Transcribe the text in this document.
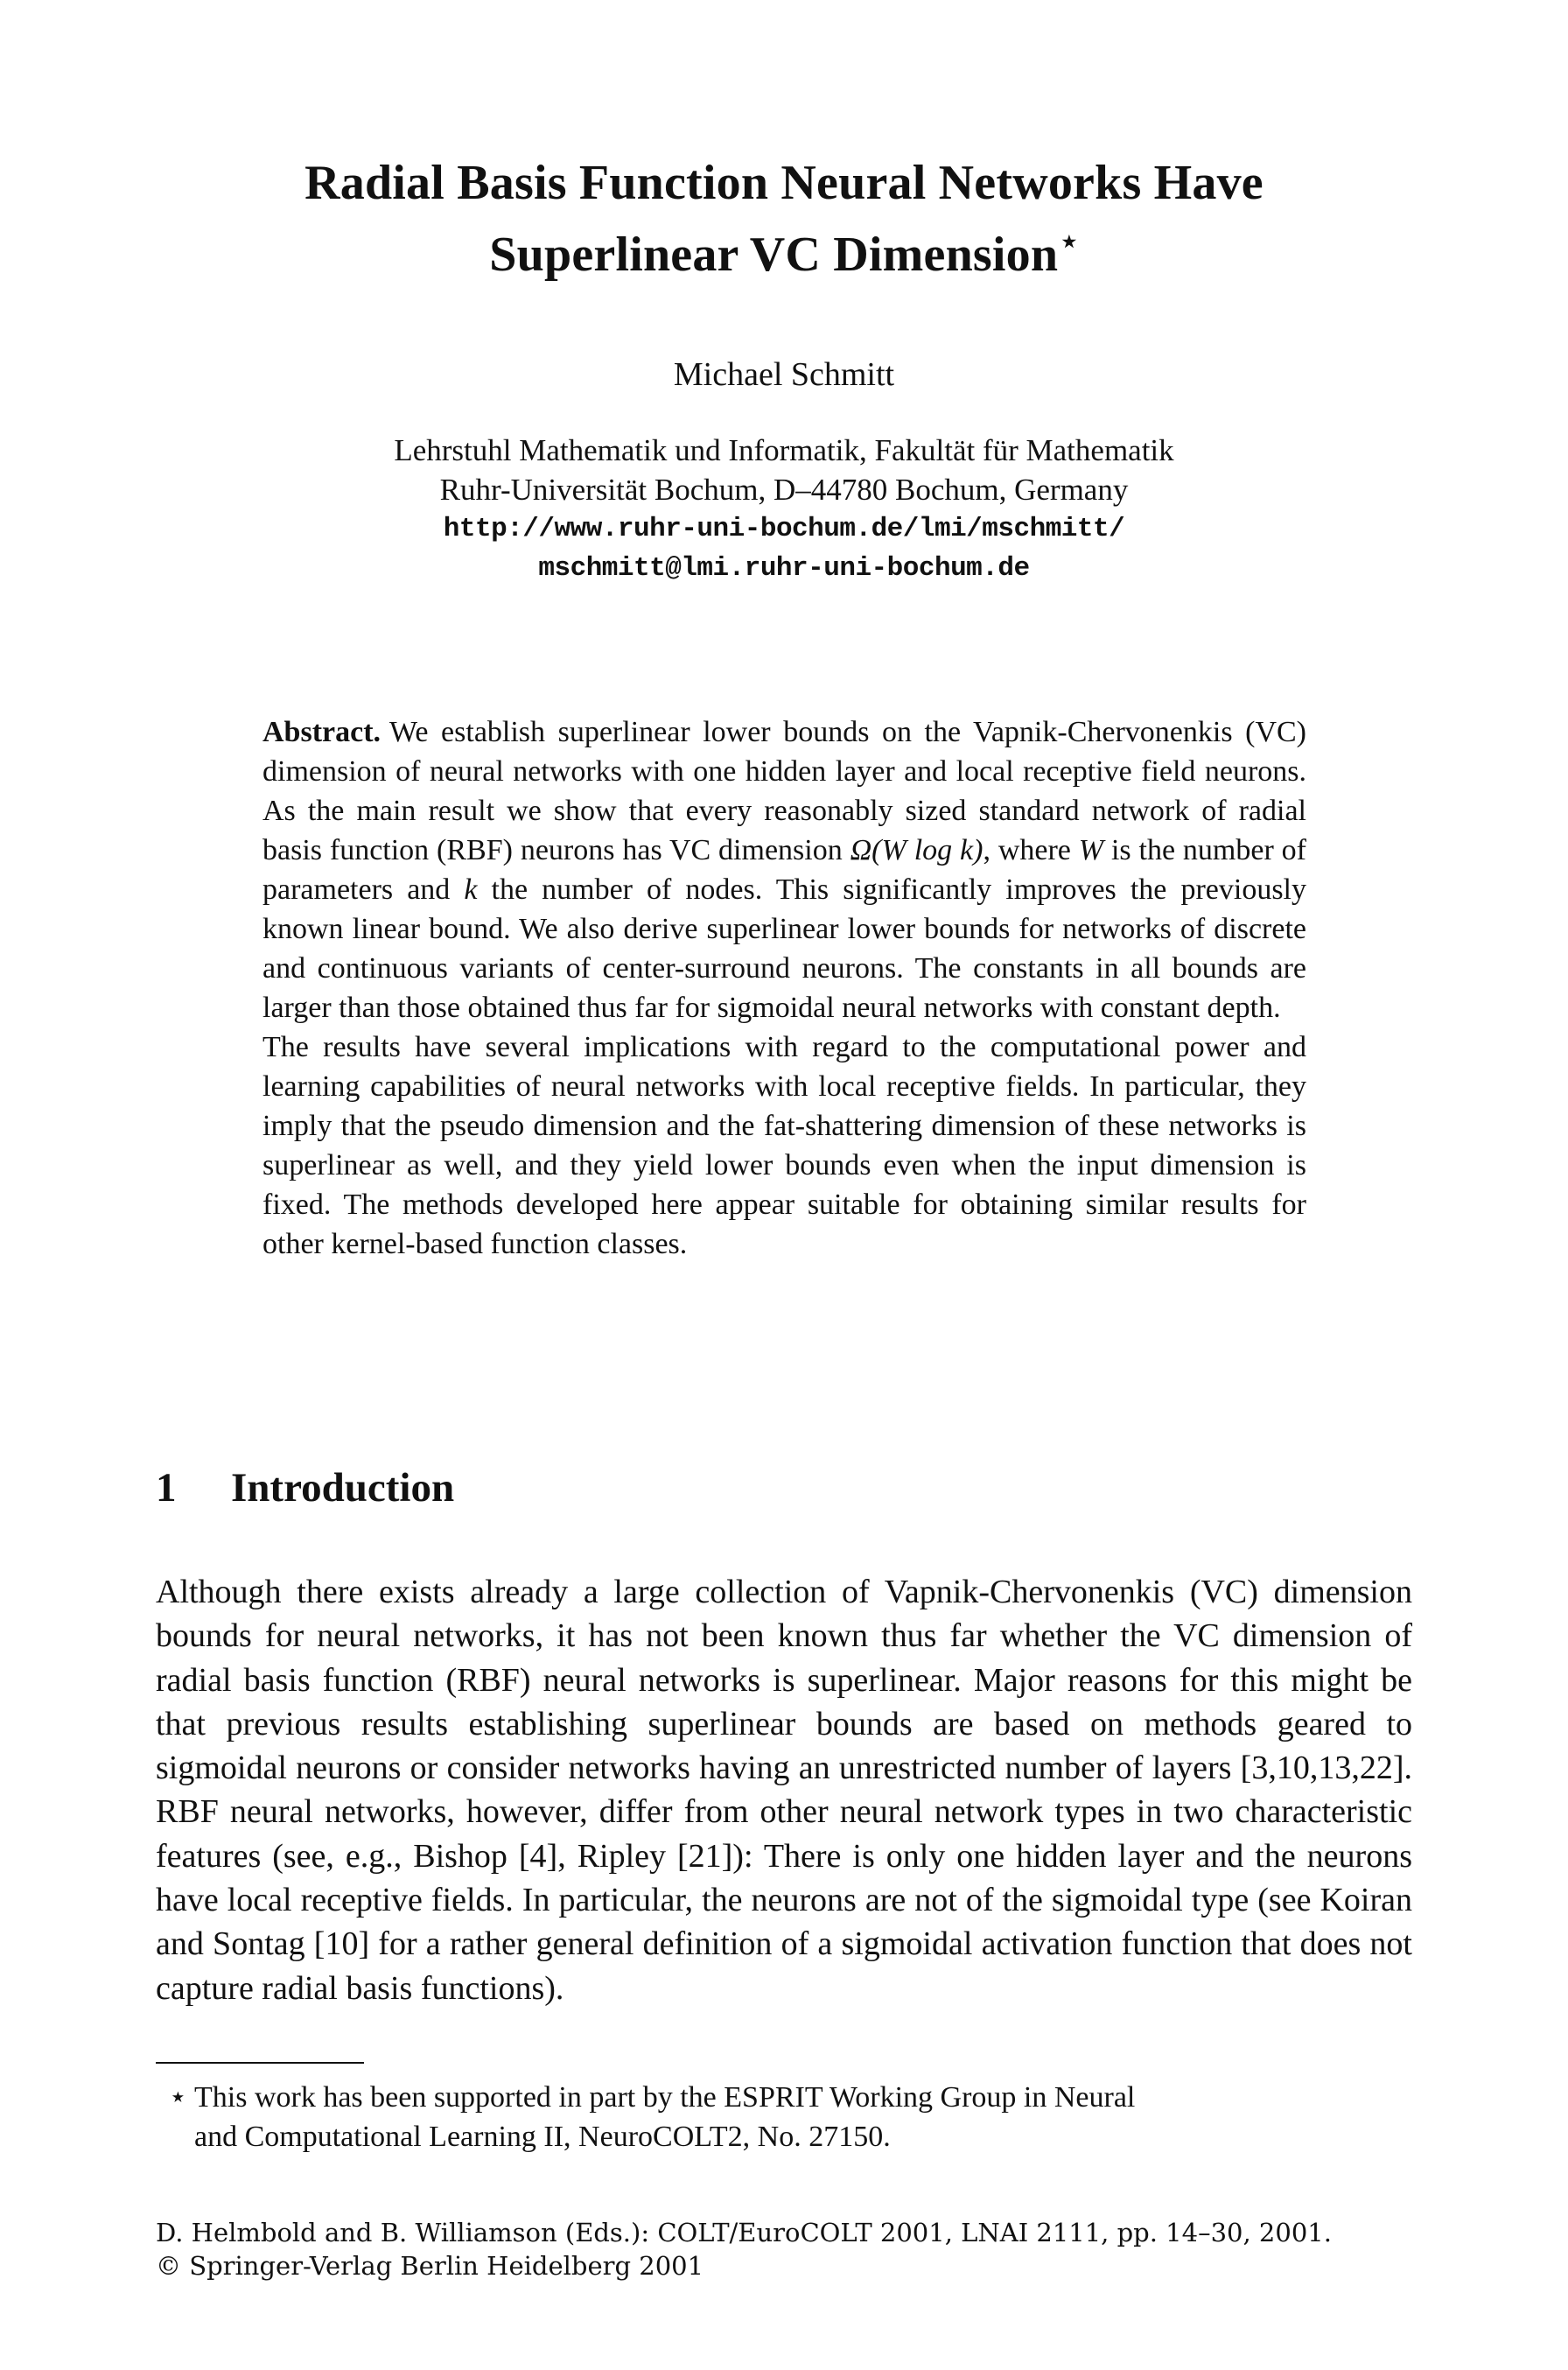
Radial Basis Function Neural Networks Have
Superlinear VC Dimension⋆
Michael Schmitt
Lehrstuhl Mathematik und Informatik, Fakultät für Mathematik
Ruhr-Universität Bochum, D–44780 Bochum, Germany
http://www.ruhr-uni-bochum.de/lmi/mschmitt/
mschmitt@lmi.ruhr-uni-bochum.de

Abstract. We establish superlinear lower bounds on the Vapnik-Chervonenkis (VC) dimension of neural networks with one hidden layer and local receptive field neurons. As the main result we show that every reasonably sized standard network of radial basis function (RBF) neurons has VC dimension Ω(W log k), where W is the number of parameters and k the number of nodes. This significantly improves the previously known linear bound. We also derive superlinear lower bounds for networks of discrete and continuous variants of center-surround neurons. The constants in all bounds are larger than those obtained thus far for sigmoidal neural networks with constant depth.

The results have several implications with regard to the computational power and learning capabilities of neural networks with local receptive fields. In particular, they imply that the pseudo dimension and the fat-shattering dimension of these networks is superlinear as well, and they yield lower bounds even when the input dimension is fixed. The methods developed here appear suitable for obtaining similar results for other kernel-based function classes.

1 Introduction

Although there exists already a large collection of Vapnik-Chervonenkis (VC) dimension bounds for neural networks, it has not been known thus far whether the VC dimension of radial basis function (RBF) neural networks is superlinear. Major reasons for this might be that previous results establishing superlinear bounds are based on methods geared to sigmoidal neurons or consider networks having an unrestricted number of layers [3,10,13,22]. RBF neural networks, however, differ from other neural network types in two characteristic features (see, e.g., Bishop [4], Ripley [21]): There is only one hidden layer and the neurons have local receptive fields. In particular, the neurons are not of the sigmoidal type (see Koiran and Sontag [10] for a rather general definition of a sigmoidal activation function that does not capture radial basis functions).

⋆ This work has been supported in part by the ESPRIT Working Group in Neural
and Computational Learning II, NeuroCOLT2, No. 27150.
D. Helmbold and B. Williamson (Eds.): COLT/EuroCOLT 2001, LNAI 2111, pp. 14–30, 2001.
© Springer-Verlag Berlin Heidelberg 2001
